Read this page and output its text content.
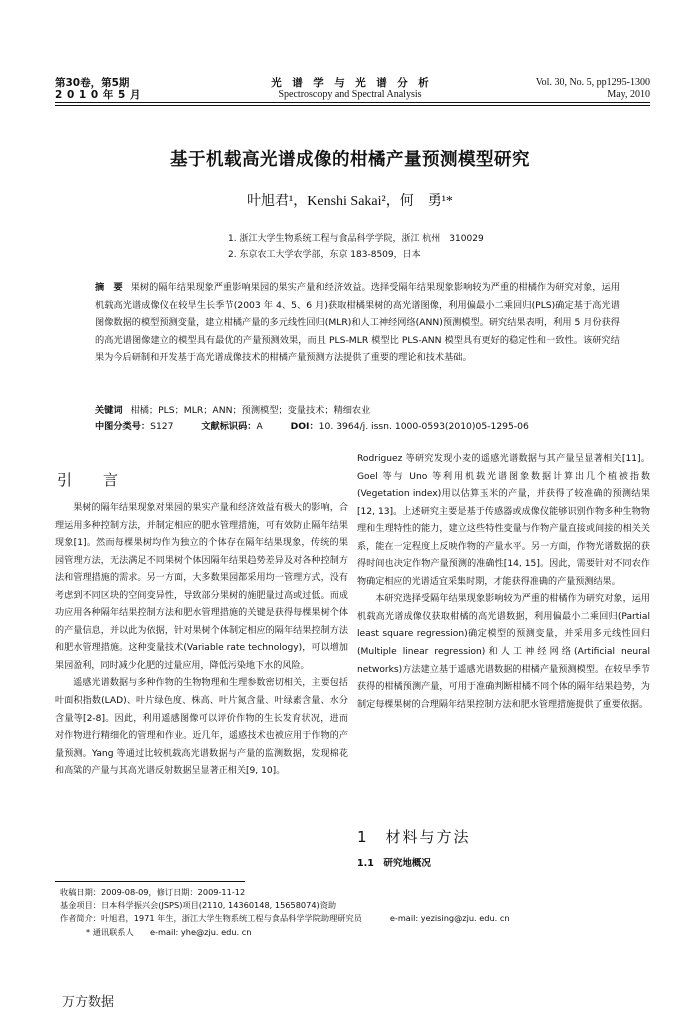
第30卷，第5期
2 0 1 0 年 5 月
光　谱　学　与　光　谱　分　析
Spectroscopy and Spectral Analysis
Vol. 30, No. 5, pp1295-1300
May, 2010
基于机载高光谱成像的柑橘产量预测模型研究
叶旭君¹，Kenshi Sakai²，何　勇¹*
1. 浙江大学生物系统工程与食品科学学院，浙江 杭州　310029
2. 东京农工大学农学部，东京 183-8509，日本
摘　要 果树的隔年结果现象严重影响果园的果实产量和经济效益。选择受隔年结果现象影响较为严重的柑橘作为研究对象，运用机载高光谱成像仪在较旱生长季节(2003 年 4、5、6 月)获取柑橘果树的高光谱图像，利用偏最小二乘回归(PLS)确定基于高光谱图像数据的模型预测变量，建立柑橘产量的多元线性回归(MLR)和人工神经网络(ANN)预测模型。研究结果表明，利用 5 月份获得的高光谱图像建立的模型具有最优的产量预测效果，而且 PLS-MLR 模型比 PLS-ANN 模型具有更好的稳定性和一致性。该研究结果为今后研制和开发基于高光谱成像技术的柑橘产量预测方法提供了重要的理论和技术基础。
关键词 柑橘；PLS；MLR；ANN；预测模型；变量技术；精细农业
中图分类号：S127	文献标识码：A	DOI：10. 3964/j. issn. 1000-0593(2010)05-1295-06
引　言

果树的隔年结果现象对果园的果实产量和经济效益有极大的影响，合理运用多种控制方法，并制定相应的肥水管理措施，可有效防止隔年结果现象[1]。然而每棵果树均作为独立的个体存在隔年结果现象，传统的果园管理方法，无法满足不同果树个体因隔年结果趋势差异及对各种控制方法和管理措施的需求。另一方面，大多数果园都采用均一管理方式，没有考虑到不同区块的空间变异性，导致部分果树的施肥量过高或过低。而成功应用各种隔年结果控制方法和肥水管理措施的关键是获得每棵果树个体的产量信息，并以此为依据，针对果树个体制定相应的隔年结果控制方法和肥水管理措施。这种变量技术(Variable rate technology)，可以增加果园盈利，同时减少化肥的过量应用，降低污染地下水的风险。

遥感光谱数据与多种作物的生物物理和生理参数密切相关，主要包括叶面积指数(LAD)、叶片绿色度、株高、叶片氮含量、叶绿素含量、水分含量等[2-8]。因此，利用遥感图像可以评价作物的生长发育状况，进而对作物进行精细化的管理和作业。近几年，遥感技术也被应用于作物的产量预测。Yang 等通过比较机载高光谱数据与产量的监测数据，发现棉花和高粱的产量与其高光谱反射数据呈显著正相关[9, 10]。

Rodriguez 等研究发现小麦的遥感光谱数据与其产量呈显著相关[11]。Goel 等与 Uno 等利用机载光谱图象数据计算出几个植被指数(Vegetation index)用以估算玉米的产量，并获得了较准确的预测结果[12, 13]。上述研究主要是基于传感器或成像仪能够识别作物多种生物物理和生理特性的能力，建立这些特性变量与作物产量直接或间接的相关关系，能在一定程度上反映作物的产量水平。另一方面，作物光谱数据的获得时间也决定作物产量预测的准确性[14, 15]。因此，需要针对不同农作物确定相应的光谱适宜采集时期，才能获得准确的产量预测结果。

本研究选择受隔年结果现象影响较为严重的柑橘作为研究对象，运用机载高光谱成像仪获取柑橘的高光谱数据，利用偏最小二乘回归(Partial least square regression)确定模型的预测变量，并采用多元线性回归(Multiple linear regression)和人工神经网络(Artificial neural networks)方法建立基于遥感光谱数据的柑橘产量预测模型。在较旱季节获得的柑橘预测产量，可用于准确判断柑橘不同个体的隔年结果趋势，为制定每棵果树的合理隔年结果控制方法和肥水管理措施提供了重要依据。

1　材料与方法
1.1　研究地概况
收稿日期：2009-08-09，修订日期：2009-11-12
基金项目：日本科学振兴会(JSPS)项目(2110, 14360148, 15658074)资助
作者简介：叶旭君，1971 年生，浙江大学生物系统工程与食品科学学院助理研究员	e-mail: yezising@zju. edu. cn
* 通讯联系人　　e-mail: yhe@zju. edu. cn
万方数据
